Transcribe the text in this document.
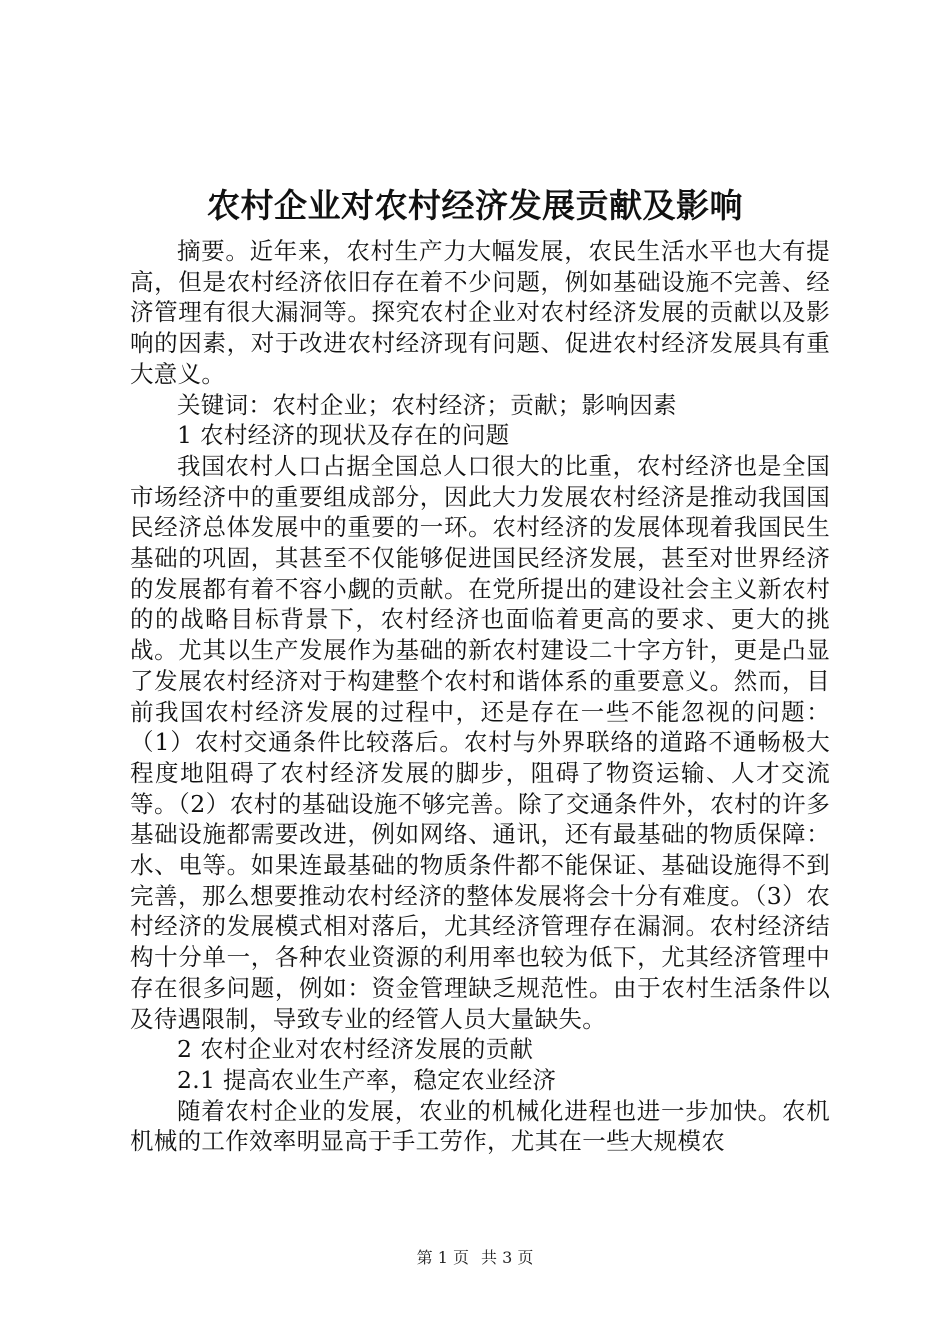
农村企业对农村经济发展贡献及影响

摘要。近年来，农村生产力大幅发展，农民生活水平也大有提高，但是农村经济依旧存在着不少问题，例如基础设施不完善、经济管理有很大漏洞等。探究农村企业对农村经济发展的贡献以及影响的因素，对于改进农村经济现有问题、促进农村经济发展具有重大意义。

关键词：农村企业；农村经济；贡献；影响因素

1 农村经济的现状及存在的问题

我国农村人口占据全国总人口很大的比重，农村经济也是全国市场经济中的重要组成部分，因此大力发展农村经济是推动我国国民经济总体发展中的重要的一环。农村经济的发展体现着我国民生基础的巩固，其甚至不仅能够促进国民经济发展，甚至对世界经济的发展都有着不容小觑的贡献。在党所提出的建设社会主义新农村的的战略目标背景下，农村经济也面临着更高的要求、更大的挑战。尤其以生产发展作为基础的新农村建设二十字方针，更是凸显了发展农村经济对于构建整个农村和谐体系的重要意义。然而，目前我国农村经济发展的过程中，还是存在一些不能忽视的问题：（1）农村交通条件比较落后。农村与外界联络的道路不通畅极大程度地阻碍了农村经济发展的脚步，阻碍了物资运输、人才交流等。（2）农村的基础设施不够完善。除了交通条件外，农村的许多基础设施都需要改进，例如网络、通讯，还有最基础的物质保障：水、电等。如果连最基础的物质条件都不能保证、基础设施得不到完善，那么想要推动农村经济的整体发展将会十分有难度。（3）农村经济的发展模式相对落后，尤其经济管理存在漏洞。农村经济结构十分单一，各种农业资源的利用率也较为低下，尤其经济管理中存在很多问题，例如：资金管理缺乏规范性。由于农村生活条件以及待遇限制，导致专业的经管人员大量缺失。

2 农村企业对农村经济发展的贡献

2.1 提高农业生产率，稳定农业经济

随着农村企业的发展，农业的机械化进程也进一步加快。农机机械的工作效率明显高于手工劳作，尤其在一些大规模农

第 1 页 共 3 页
